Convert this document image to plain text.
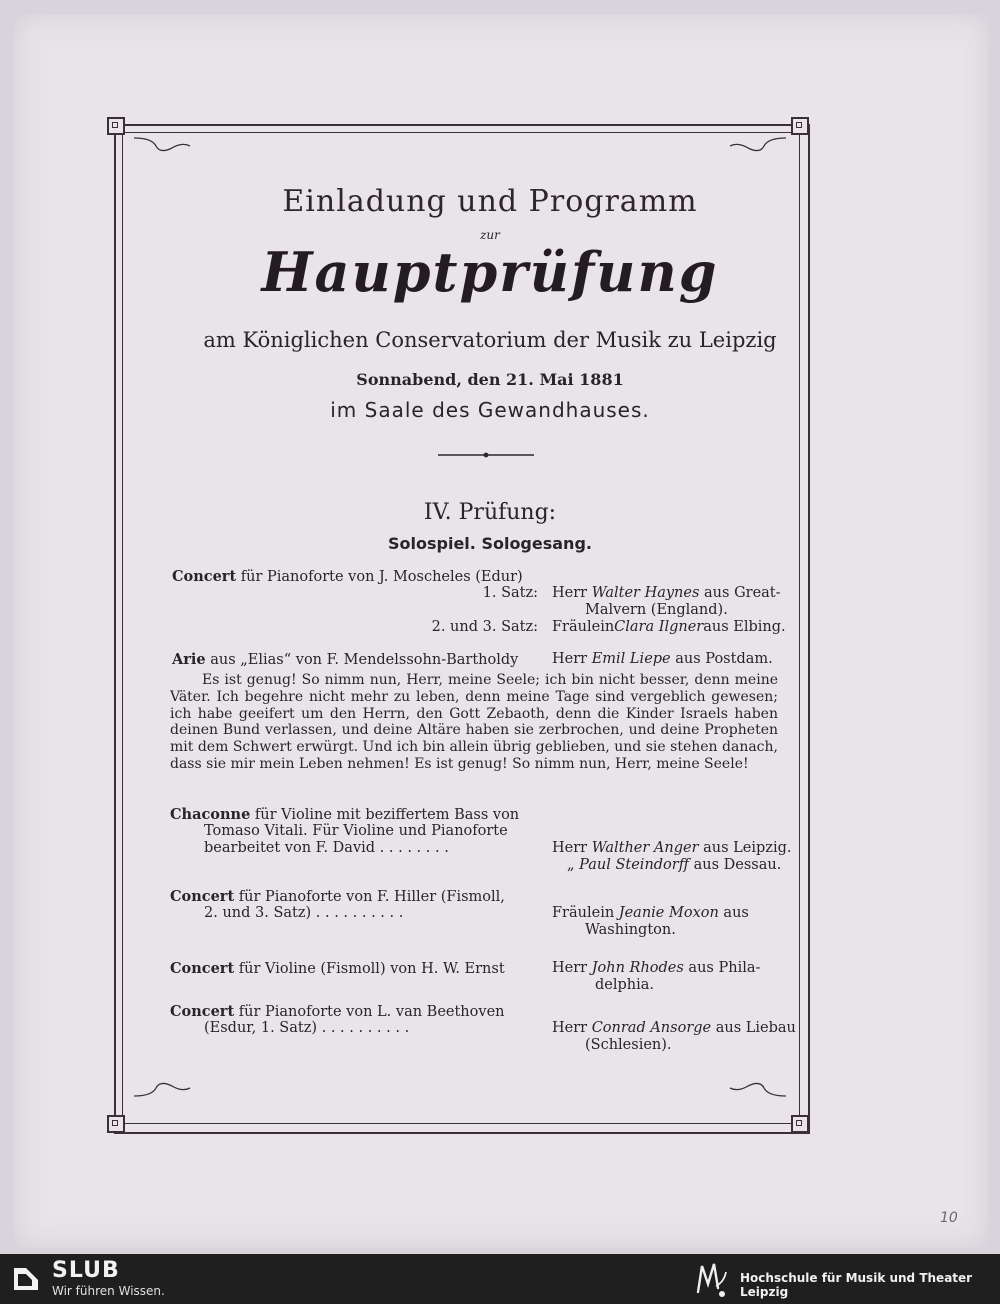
10
Einladung und Programm
zur
Hauptprüfung
am Königlichen Conservatorium der Musik zu Leipzig
Sonnabend, den 21. Mai 1881
im Saale des Gewandhauses.
IV. Prüfung:
Solospiel. Sologesang.
Concert für Pianoforte von J. Moscheles (Edur)
1. Satz: Herr Walter Haynes aus Great-
Malvern (England).
2. und 3. Satz: FräuleinClara Ilgneraus Elbing.
Arie aus „Elias“ von F. Mendelssohn-Bartholdy Herr Emil Liepe aus Postdam.
Es ist genug! So nimm nun, Herr, meine Seele; ich bin nicht besser, denn meine Väter. Ich begehre nicht mehr zu leben, denn meine Tage sind vergeblich gewesen; ich habe geeifert um den Herrn, den Gott Zebaoth, denn die Kinder Israels haben deinen Bund verlassen, und deine Altäre haben sie zerbrochen, und deine Propheten mit dem Schwert erwürgt. Und ich bin allein übrig geblieben, und sie stehen danach, dass sie mir mein Leben nehmen! Es ist genug! So nimm nun, Herr, meine Seele!
Chaconne für Violine mit beziffertem Bass von
Tomaso Vitali. Für Violine und Pianoforte
bearbeitet von F. David . . . . . . . .	Herr Walther Anger aus Leipzig.
„ Paul Steindorff aus Dessau.
Concert für Pianoforte von F. Hiller (Fismoll,
2. und 3. Satz) . . . . . . . . . .	Fräulein Jeanie Moxon aus
Washington.
Concert für Violine (Fismoll) von H. W. Ernst	Herr John Rhodes aus Phila-
delphia.
Concert für Pianoforte von L. van Beethoven
(Esdur, 1. Satz) . . . . . . . . . .	Herr Conrad Ansorge aus Liebau
(Schlesien).
SLUB
Wir führen Wissen.
Hochschule für Musik und Theater Leipzig
